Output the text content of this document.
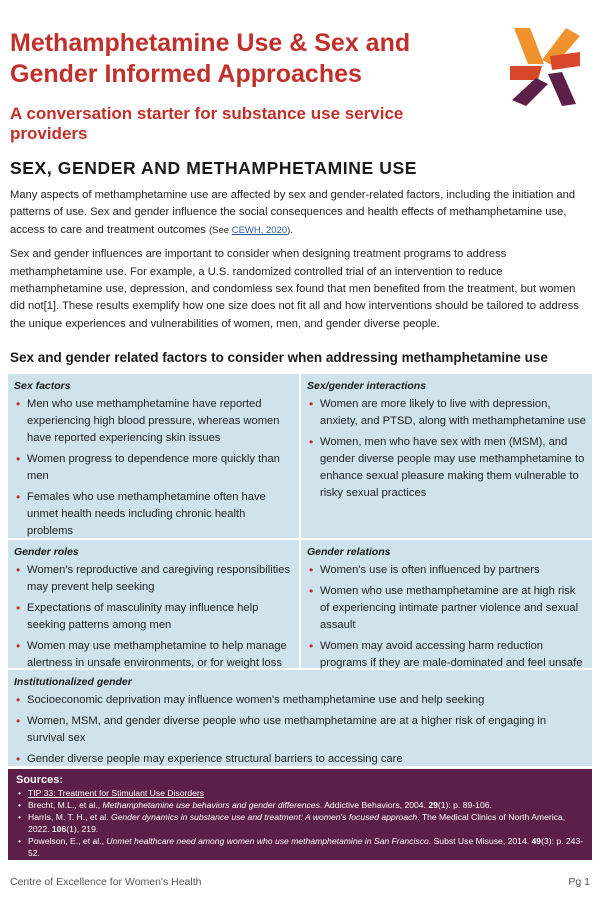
Methamphetamine Use & Sex and
Gender Informed Approaches
A conversation starter for substance use service providers
SEX, GENDER AND METHAMPHETAMINE USE

Many aspects of methamphetamine use are affected by sex and gender-related factors, including the initiation and patterns of use. Sex and gender influence the social consequences and health effects of methamphetamine use, access to care and treatment outcomes (See CEWH, 2020).

Sex and gender influences are important to consider when designing treatment programs to address methamphetamine use. For example, a U.S. randomized controlled trial of an intervention to reduce methamphetamine use, depression, and condomless sex found that men benefited from the treatment, but women did not[1]. These results exemplify how one size does not fit all and how interventions should be tailored to address the unique experiences and vulnerabilities of women, men, and gender diverse people.

Sex and gender related factors to consider when addressing methamphetamine use
Sex factors
• Men who use methamphetamine have reported experiencing high blood pressure, whereas women have reported experiencing skin issues
• Women progress to dependence more quickly than men
• Females who use methamphetamine often have unmet health needs including chronic health problems
Sex/gender interactions
• Women are more likely to live with depression, anxiety, and PTSD, along with methamphetamine use
• Women, men who have sex with men (MSM), and gender diverse people may use methamphetamine to enhance sexual pleasure making them vulnerable to risky sexual practices
Gender roles
• Women's reproductive and caregiving responsibilities may prevent help seeking
• Expectations of masculinity may influence help seeking patterns among men
• Women may use methamphetamine to help manage alertness in unsafe environments, or for weight loss
Gender relations
• Women's use is often influenced by partners
• Women who use methamphetamine are at high risk of experiencing intimate partner violence and sexual assault
• Women may avoid accessing harm reduction programs if they are male-dominated and feel unsafe
Institutionalized gender
• Socioeconomic deprivation may influence women's methamphetamine use and help seeking
• Women, MSM, and gender diverse people who use methamphetamine are at a higher risk of engaging in survival sex
• Gender diverse people may experience structural barriers to accessing care
Sources:
• TIP 33: Treatment for Stimulant Use Disorders
• Brecht, M.L., et al., Methamphetamine use behaviors and gender differences. Addictive Behaviors, 2004. 29(1): p. 89-106.
• Harris, M. T. H., et al. Gender dynamics in substance use and treatment: A women's focused approach. The Medical Clinics of North America, 2022. 106(1), 219.
• Powelson, E., et al., Unmet healthcare need among women who use methamphetamine in San Francisco. Subst Use Misuse, 2014. 49(3): p. 243-52.
Centre of Excellence for Women's Health	Pg 1
